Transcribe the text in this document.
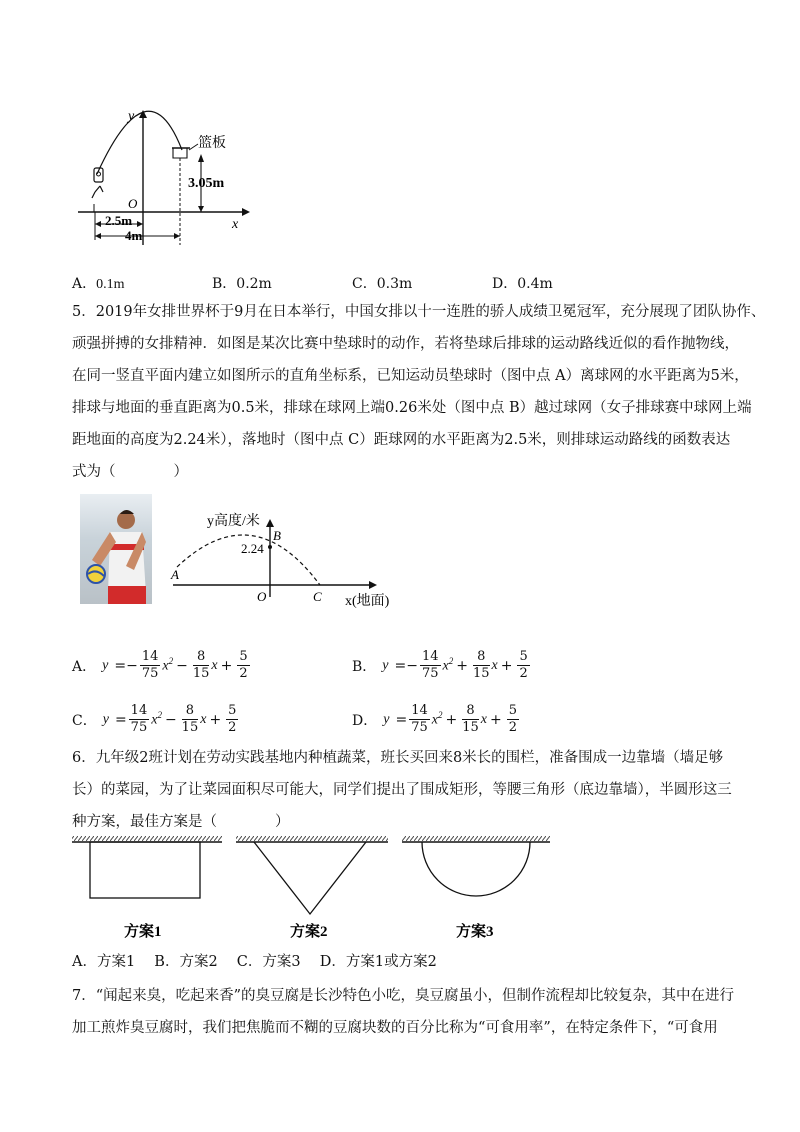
y
x
O
篮板
3.05m
2.5m
4m
A．0.1m	B．0.2m	C．0.3m	D．0.4m
5．2019年女排世界杯于9月在日本举行，中国女排以十一连胜的骄人成绩卫冕冠军，充分展现了团队协作、
顽强拼搏的女排精神．如图是某次比赛中垫球时的动作，若将垫球后排球的运动路线近似的看作抛物线，
在同一竖直平面内建立如图所示的直角坐标系，已知运动员垫球时（图中点 A）离球网的水平距离为5米，
排球与地面的垂直距离为0.5米，排球在球网上端0.26米处（图中点 B）越过球网（女子排球赛中球网上端
距地面的高度为2.24米），落地时（图中点 C）距球网的水平距离为2.5米，则排球运动路线的函数表达
式为（　　　　）
y高度/米
x(地面)
O
A
B
C
2.24
A． y = − $\frac{14}{75} x^2 - \frac{8}{15}$ $x + \frac{5}{2}$	B． y = − $\frac{14}{75} x^2 + \frac{8}{15}$ $x + \frac{5}{2}$
C． $y = \frac{14}{75} x^2 - \frac{8}{15}$ $x + \frac{5}{2}$	D． $y = \frac{14}{75} x^2 + \frac{8}{15}$ $x + \frac{5}{2}$
6．九年级2班计划在劳动实践基地内种植蔬菜，班长买回来8米长的围栏，准备围成一边靠墙（墙足够
长）的菜园，为了让菜园面积尽可能大，同学们提出了围成矩形，等腰三角形（底边靠墙），半圆形这三
种方案，最佳方案是（　　　　）
方案1	方案2	方案3
A．方案1　 B．方案2　 C．方案3　 D．方案1或方案2
7．“闻起来臭，吃起来香”的臭豆腐是长沙特色小吃，臭豆腐虽小，但制作流程却比较复杂，其中在进行
加工煎炸臭豆腐时，我们把焦脆而不糊的豆腐块数的百分比称为“可食用率”，在特定条件下，“可食用
